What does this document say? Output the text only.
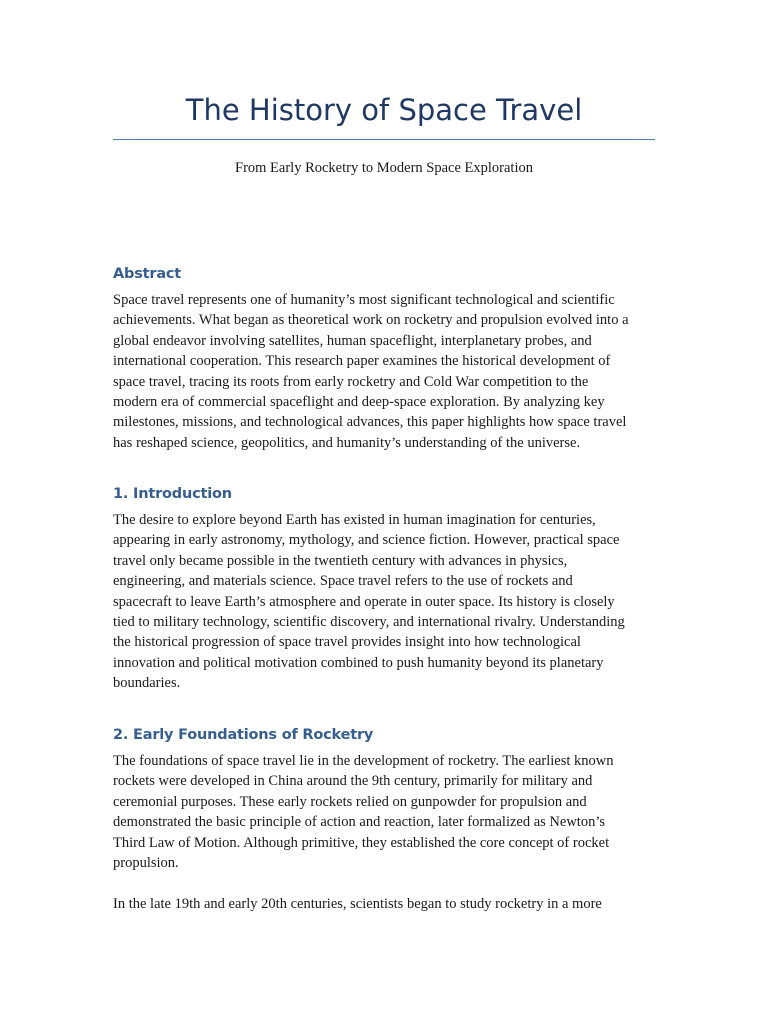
The History of Space Travel
From Early Rocketry to Modern Space Exploration
Abstract
Space travel represents one of humanity’s most significant technological and scientific
achievements. What began as theoretical work on rocketry and propulsion evolved into a
global endeavor involving satellites, human spaceflight, interplanetary probes, and
international cooperation. This research paper examines the historical development of
space travel, tracing its roots from early rocketry and Cold War competition to the
modern era of commercial spaceflight and deep-space exploration. By analyzing key
milestones, missions, and technological advances, this paper highlights how space travel
has reshaped science, geopolitics, and humanity’s understanding of the universe.
1. Introduction
The desire to explore beyond Earth has existed in human imagination for centuries,
appearing in early astronomy, mythology, and science fiction. However, practical space
travel only became possible in the twentieth century with advances in physics,
engineering, and materials science. Space travel refers to the use of rockets and
spacecraft to leave Earth’s atmosphere and operate in outer space. Its history is closely
tied to military technology, scientific discovery, and international rivalry. Understanding
the historical progression of space travel provides insight into how technological
innovation and political motivation combined to push humanity beyond its planetary
boundaries.
2. Early Foundations of Rocketry
The foundations of space travel lie in the development of rocketry. The earliest known
rockets were developed in China around the 9th century, primarily for military and
ceremonial purposes. These early rockets relied on gunpowder for propulsion and
demonstrated the basic principle of action and reaction, later formalized as Newton’s
Third Law of Motion. Although primitive, they established the core concept of rocket
propulsion.
In the late 19th and early 20th centuries, scientists began to study rocketry in a more
